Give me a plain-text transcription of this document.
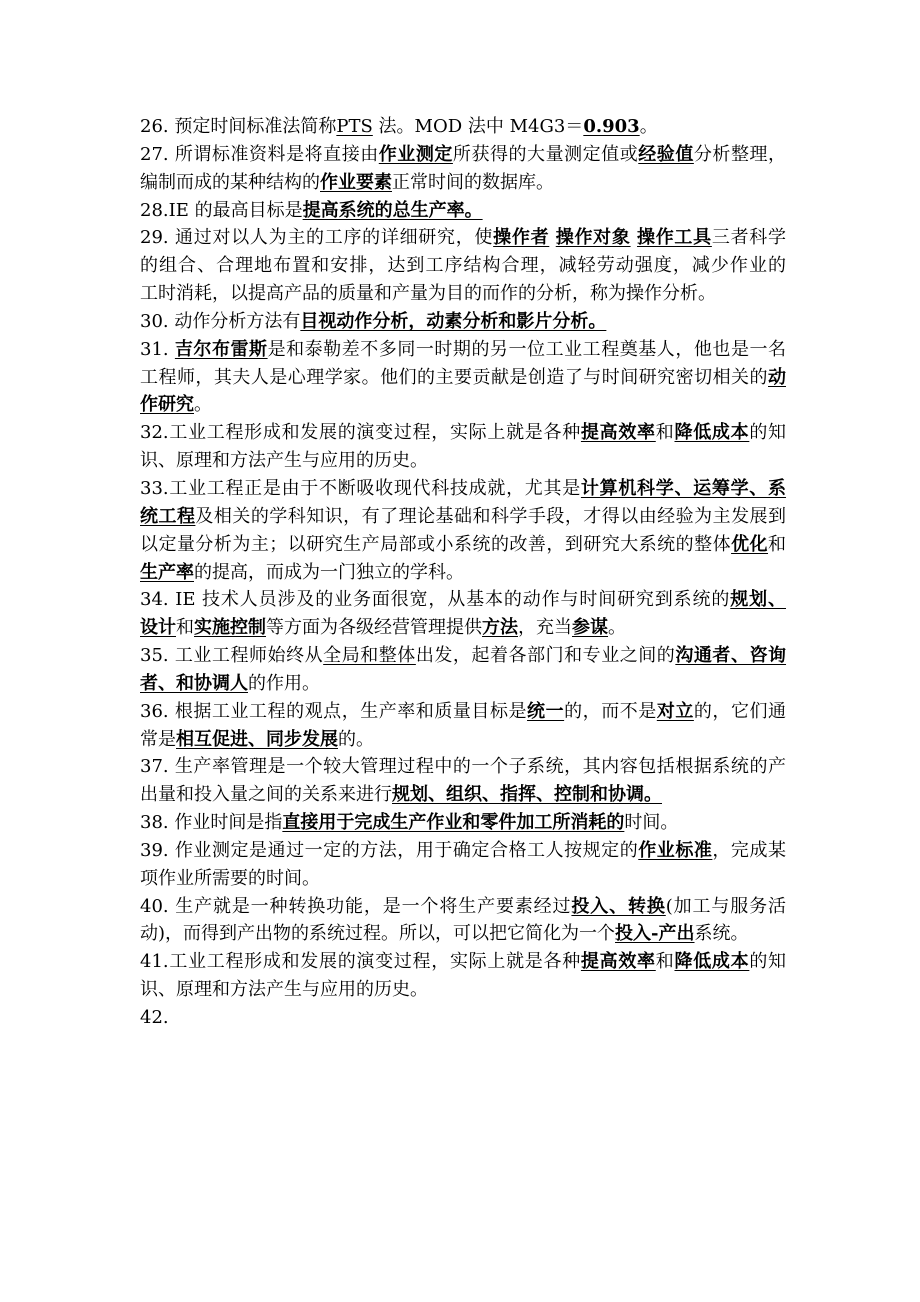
26. 预定时间标准法简称PTS 法。MOD 法中 M4G3＝0.903。
27. 所谓标准资料是将直接由作业测定所获得的大量测定值或经验值分析整理，
编制而成的某种结构的作业要素正常时间的数据库。
28.IE 的最高目标是提高系统的总生产率。
29. 通过对以人为主的工序的详细研究，使操作者 操作对象 操作工具三者科学
的组合、合理地布置和安排，达到工序结构合理，减轻劳动强度，减少作业的
工时消耗，以提高产品的质量和产量为目的而作的分析，称为操作分析。
30. 动作分析方法有目视动作分析，动素分析和影片分析。
31. 吉尔布雷斯是和泰勒差不多同一时期的另一位工业工程奠基人，他也是一名
工程师，其夫人是心理学家。他们的主要贡献是创造了与时间研究密切相关的动
作研究。
32.工业工程形成和发展的演变过程，实际上就是各种提高效率和降低成本的知
识、原理和方法产生与应用的历史。
33.工业工程正是由于不断吸收现代科技成就，尤其是计算机科学、运筹学、系
统工程及相关的学科知识，有了理论基础和科学手段，才得以由经验为主发展到
以定量分析为主；以研究生产局部或小系统的改善，到研究大系统的整体优化和
生产率的提高，而成为一门独立的学科。
34. IE 技术人员涉及的业务面很宽，从基本的动作与时间研究到系统的规划、
设计和实施控制等方面为各级经营管理提供方法，充当参谋。
35. 工业工程师始终从全局和整体出发，起着各部门和专业之间的沟通者、咨询
者、和协调人的作用。
36. 根据工业工程的观点，生产率和质量目标是统一的，而不是对立的，它们通
常是相互促进、同步发展的。
37. 生产率管理是一个较大管理过程中的一个子系统，其内容包括根据系统的产
出量和投入量之间的关系来进行规划、组织、指挥、控制和协调。
38. 作业时间是指直接用于完成生产作业和零件加工所消耗的时间。
39. 作业测定是通过一定的方法，用于确定合格工人按规定的作业标准，完成某
项作业所需要的时间。
40. 生产就是一种转换功能，是一个将生产要素经过投入、转换(加工与服务活
动)，而得到产出物的系统过程。所以，可以把它简化为一个投入-产出系统。
41.工业工程形成和发展的演变过程，实际上就是各种提高效率和降低成本的知
识、原理和方法产生与应用的历史。
42.
